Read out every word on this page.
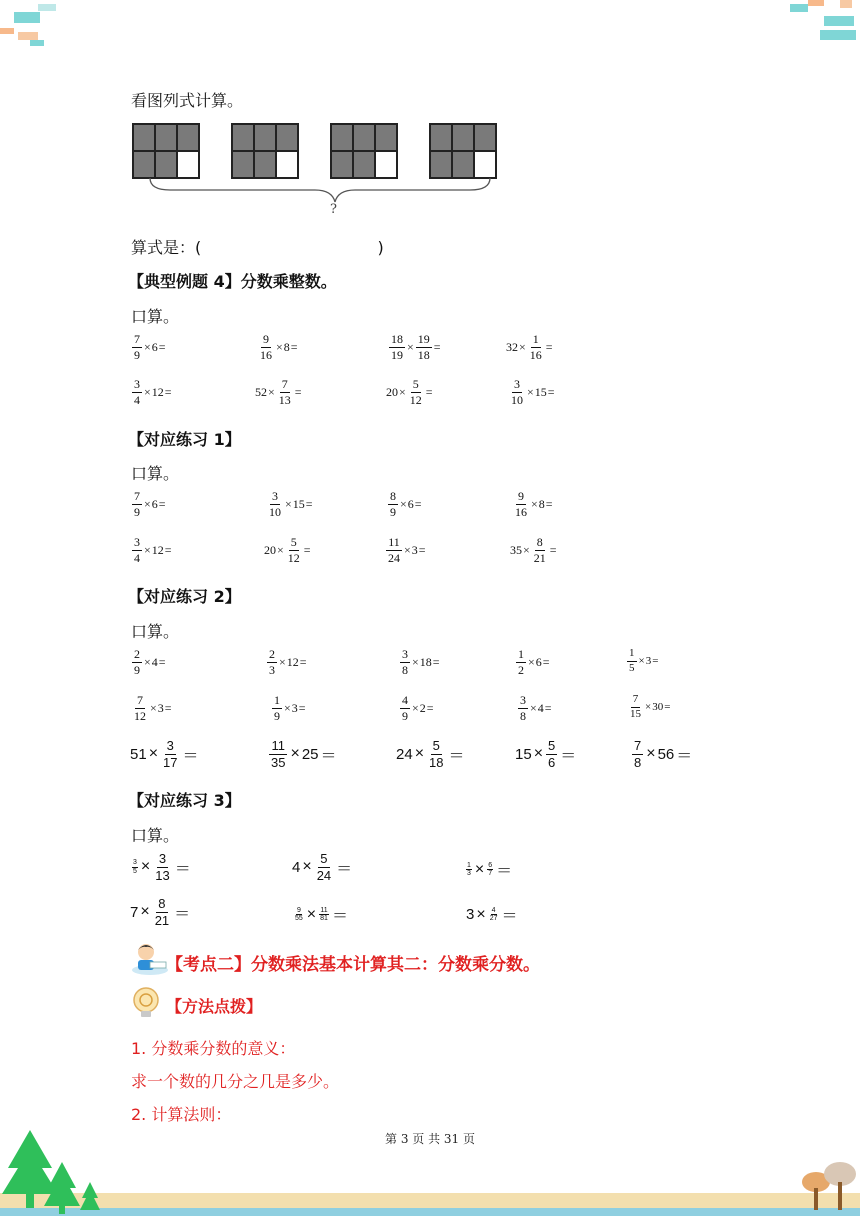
看图列式计算。
?
算式是：(	)
【典型例题 4】分数乘整数。
口算。
$\frac{7}{9} \times 6$ =	$\frac{9}{16} \times 8$ =	$\frac{18}{19} \times \frac{19}{18}$ =	$32 \times \frac{1}{16}$ =
$\frac{3}{4} \times 12$ =	$52 \times \frac{7}{13}$ =	$20 \times \frac{5}{12}$ =	$\frac{3}{10} \times 15$ =
【对应练习 1】
口算。
$\frac{7}{9} \times 6$ =	$\frac{3}{10} \times 15$ =	$\frac{8}{9} \times 6$ =	$\frac{9}{16} \times 8$ =
$\frac{3}{4} \times 12$ =	$20 \times \frac{5}{12}$ =	$\frac{11}{24} \times 3$ =	$35 \times \frac{8}{21}$ =
【对应练习 2】
口算。
$\frac{2}{9} \times 4$ =	$\frac{2}{3} \times 12$ =	$\frac{3}{8} \times 18$ =	$\frac{1}{2} \times 6$ =	$\frac{1}{5} \times 3$ =
$\frac{7}{12} \times 3$ =	$\frac{1}{9} \times 3$ =	$\frac{4}{9} \times 2$ =	$\frac{3}{8} \times 4$ =	$\frac{7}{15} \times 30$ =
$51 \times \frac{3}{17}$ ＝	$\frac{11}{35} \times 25$ ＝	$24 \times \frac{5}{18}$ ＝	$15 \times \frac{5}{6}$ ＝	$\frac{7}{8} \times 56$ ＝
【对应练习 3】
口算。
$\frac{3}{5} \times \frac{3}{13}$ ＝	$4 \times \frac{5}{24}$ ＝	$\frac{1}{3} \times \frac{6}{7}$ ＝
$7 \times \frac{8}{21}$ ＝	$\frac{9}{55} \times \frac{11}{81}$ ＝	$3 \times \frac{4}{27}$ ＝
【考点二】分数乘法基本计算其二：分数乘分数。
【方法点拨】
1. 分数乘分数的意义：
求一个数的几分之几是多少。
2. 计算法则：
第 3 页 共 31 页
